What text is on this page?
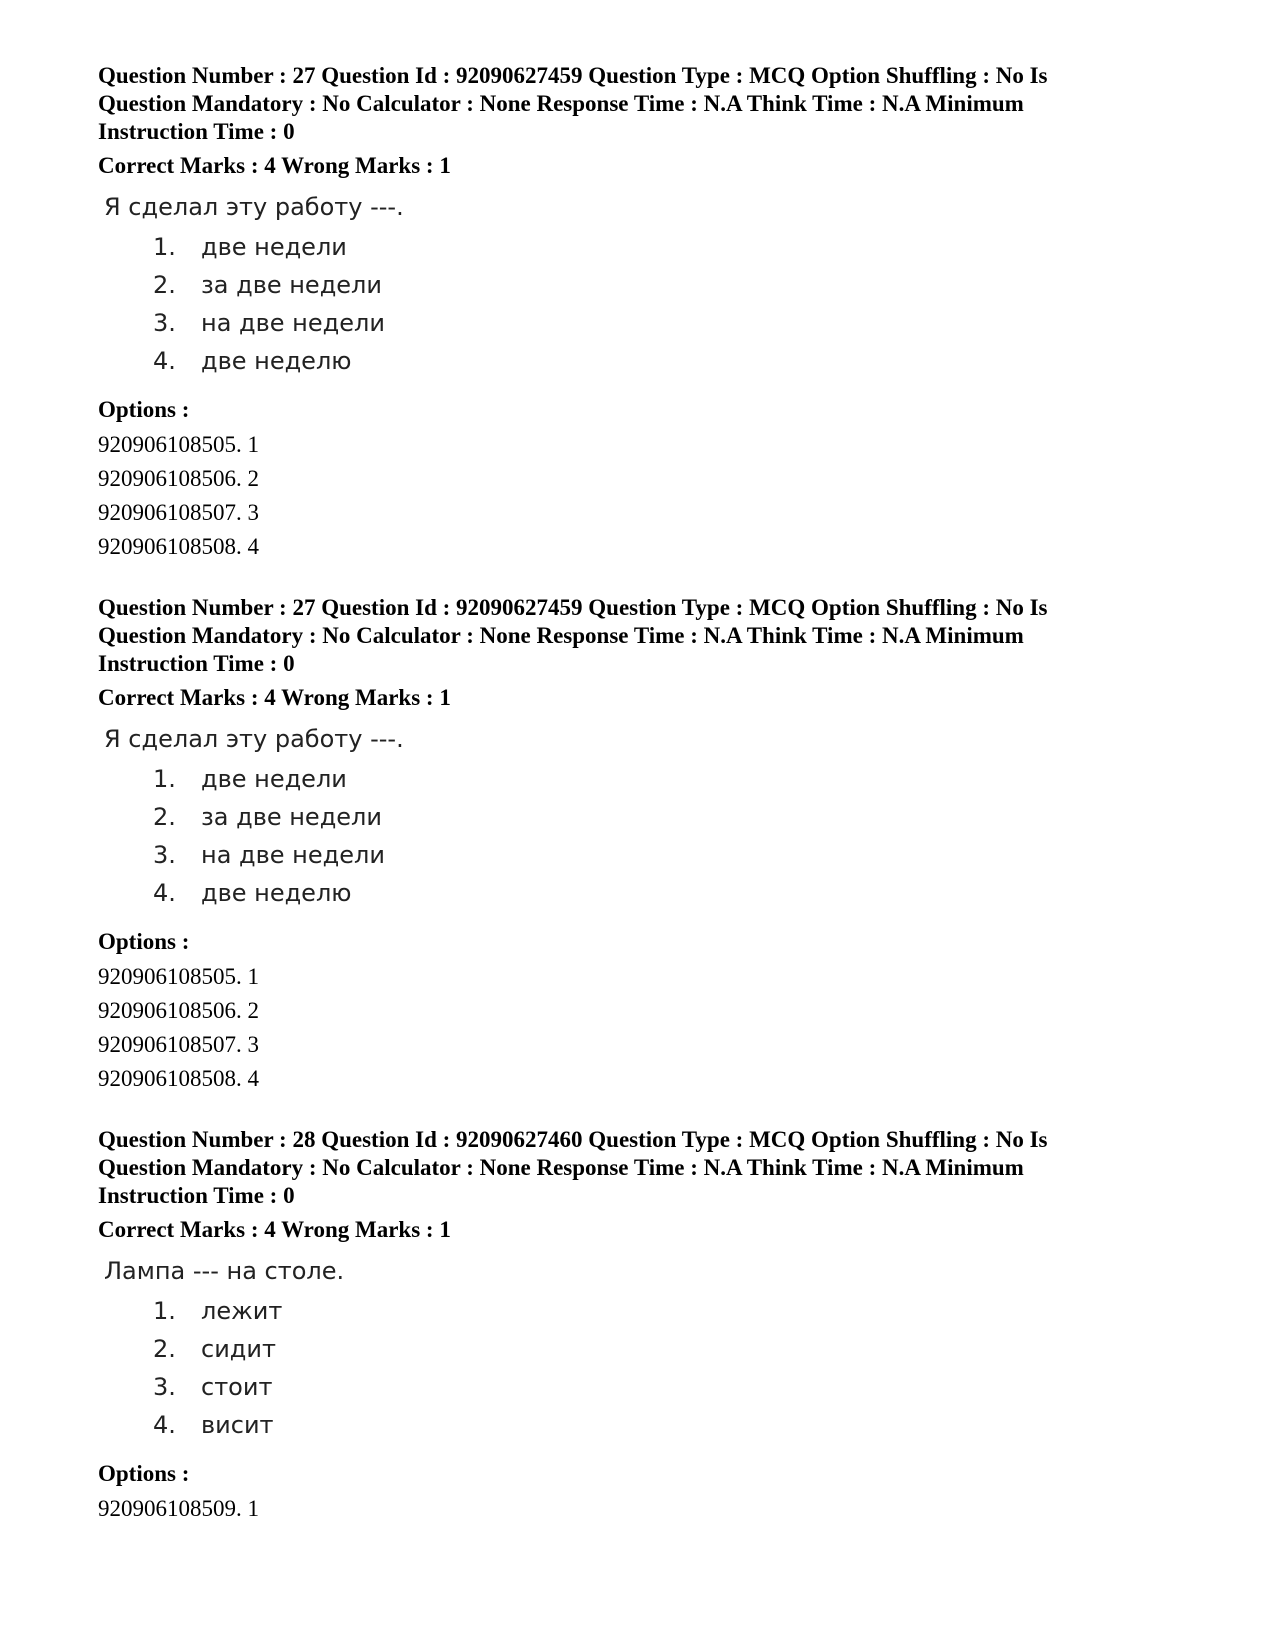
Question Number : 27 Question Id : 92090627459 Question Type : MCQ Option Shuffling : No Is
Question Mandatory : No Calculator : None Response Time : N.A Think Time : N.A Minimum
Instruction Time : 0
Correct Marks : 4 Wrong Marks : 1
Я сделал эту работу ---.
1.	две недели
2.	за две недели
3.	на две недели
4.	две неделю
Options :
920906108505. 1
920906108506. 2
920906108507. 3
920906108508. 4
Question Number : 27 Question Id : 92090627459 Question Type : MCQ Option Shuffling : No Is
Question Mandatory : No Calculator : None Response Time : N.A Think Time : N.A Minimum
Instruction Time : 0
Correct Marks : 4 Wrong Marks : 1
Я сделал эту работу ---.
1.	две недели
2.	за две недели
3.	на две недели
4.	две неделю
Options :
920906108505. 1
920906108506. 2
920906108507. 3
920906108508. 4
Question Number : 28 Question Id : 92090627460 Question Type : MCQ Option Shuffling : No Is
Question Mandatory : No Calculator : None Response Time : N.A Think Time : N.A Minimum
Instruction Time : 0
Correct Marks : 4 Wrong Marks : 1
Лампа --- на столе.
1.	лежит
2.	сидит
3.	стоит
4.	висит
Options :
920906108509. 1
